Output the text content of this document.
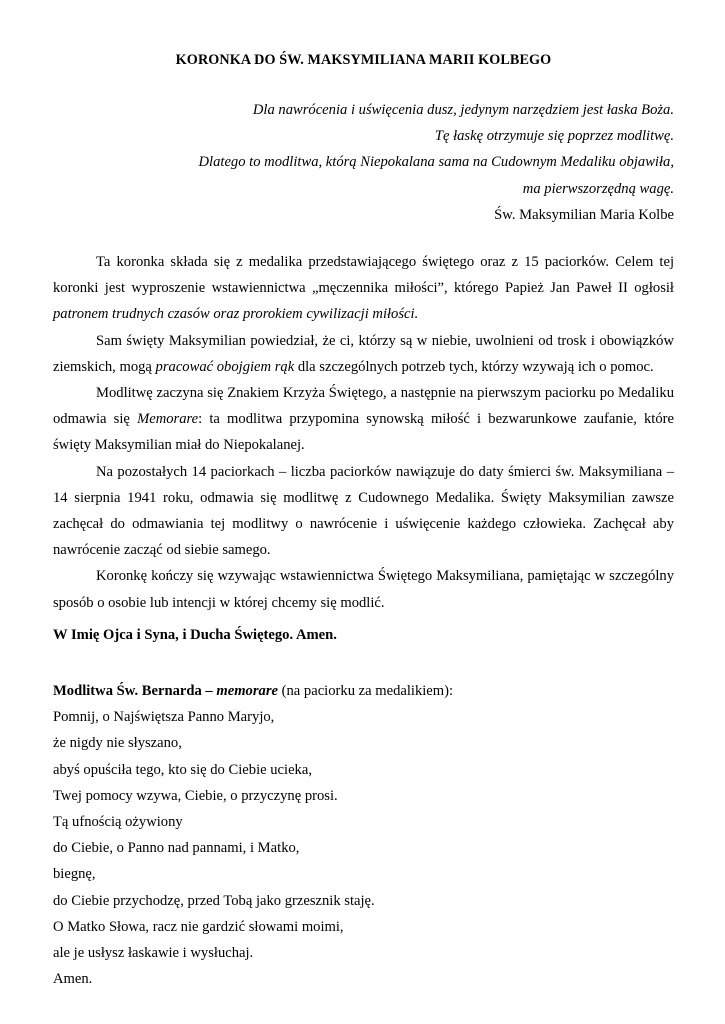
KORONKA DO ŚW. MAKSYMILIANA MARII KOLBEGO
Dla nawrócenia i uświęcenia dusz, jedynym narzędziem jest łaska Boża.
Tę łaskę otrzymuje się poprzez modlitwę.
Dlatego to modlitwa, którą Niepokalana sama na Cudownym Medaliku objawiła,
ma pierwszorzędną wagę.
Św. Maksymilian Maria Kolbe

Ta koronka składa się z medalika przedstawiającego świętego oraz z 15 paciorków. Celem tej koronki jest wyproszenie wstawiennictwa „męczennika miłości”, którego Papież Jan Paweł II ogłosił patronem trudnych czasów oraz prorokiem cywilizacji miłości.

Sam święty Maksymilian powiedział, że ci, którzy są w niebie, uwolnieni od trosk i obowiązków ziemskich, mogą pracować obojgiem rąk dla szczególnych potrzeb tych, którzy wzywają ich o pomoc.

Modlitwę zaczyna się Znakiem Krzyża Świętego, a następnie na pierwszym paciorku po Medaliku odmawia się Memorare: ta modlitwa przypomina synowską miłość i bezwarunkowe zaufanie, które święty Maksymilian miał do Niepokalanej.

Na pozostałych 14 paciorkach – liczba paciorków nawiązuje do daty śmierci św. Maksymiliana – 14 sierpnia 1941 roku, odmawia się modlitwę z Cudownego Medalika. Święty Maksymilian zawsze zachęcał do odmawiania tej modlitwy o nawrócenie i uświęcenie każdego człowieka. Zachęcał aby nawrócenie zacząć od siebie samego.

Koronkę kończy się wzywając wstawiennictwa Świętego Maksymiliana, pamiętając w szczególny sposób o osobie lub intencji w której chcemy się modlić.

W Imię Ojca i Syna, i Ducha Świętego. Amen.
Modlitwa Św. Bernarda – memorare (na paciorku za medalikiem):
Pomnij, o Najświętsza Panno Maryjo,
że nigdy nie słyszano,
abyś opuściła tego, kto się do Ciebie ucieka,
Twej pomocy wzywa, Ciebie, o przyczynę prosi.
Tą ufnością ożywiony
do Ciebie, o Panno nad pannami, i Matko,
biegnę,
do Ciebie przychodzę, przed Tobą jako grzesznik staję.
O Matko Słowa, racz nie gardzić słowami moimi,
ale je usłysz łaskawie i wysłuchaj.
Amen.
